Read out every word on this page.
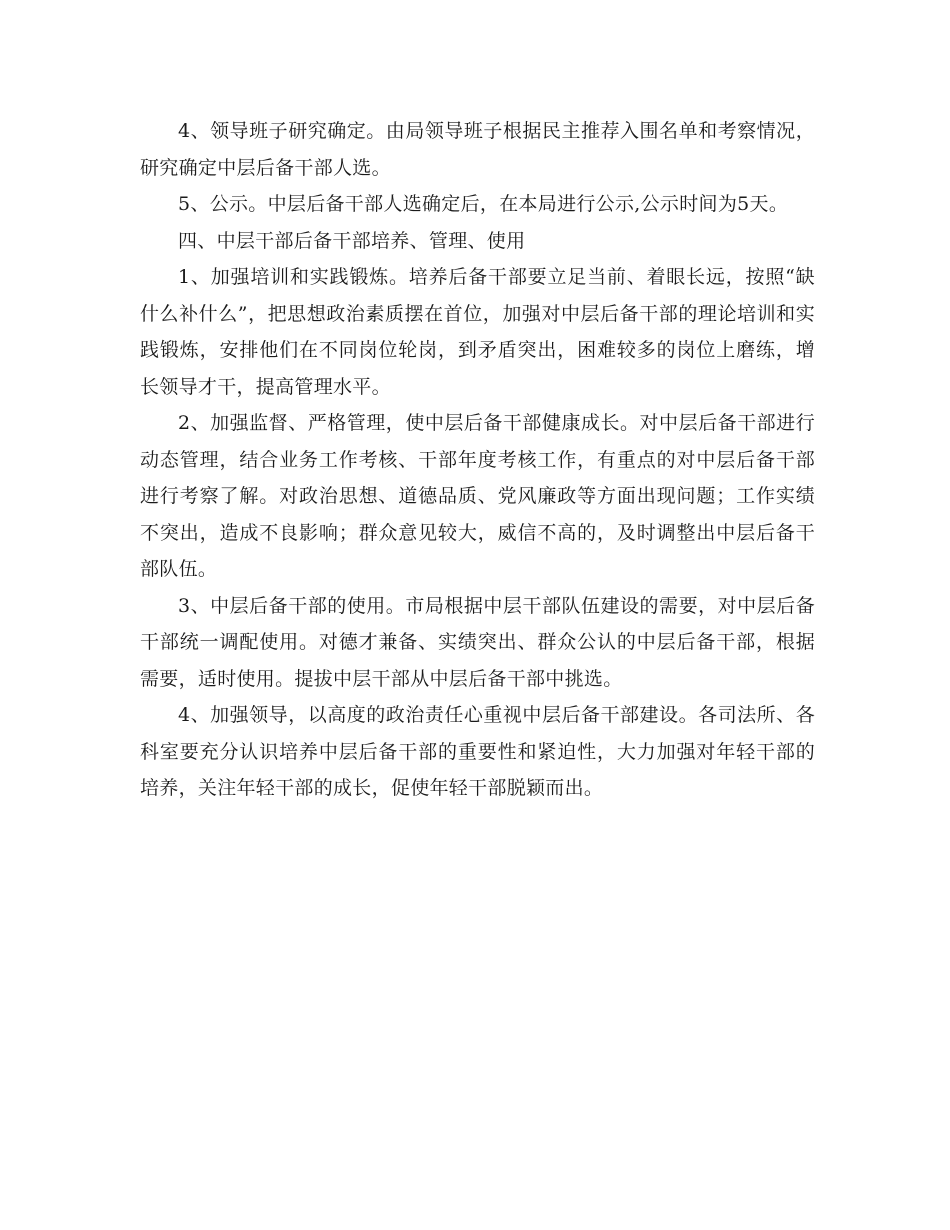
4、领导班子研究确定。由局领导班子根据民主推荐入围名单和考察情况，研究确定中层后备干部人选。

5、公示。中层后备干部人选确定后，在本局进行公示,公示时间为5天。

四、中层干部后备干部培养、管理、使用

1、加强培训和实践锻炼。培养后备干部要立足当前、着眼长远，按照“缺什么补什么”，把思想政治素质摆在首位，加强对中层后备干部的理论培训和实践锻炼，安排他们在不同岗位轮岗，到矛盾突出，困难较多的岗位上磨练，增长领导才干，提高管理水平。

2、加强监督、严格管理，使中层后备干部健康成长。对中层后备干部进行动态管理，结合业务工作考核、干部年度考核工作，有重点的对中层后备干部进行考察了解。对政治思想、道德品质、党风廉政等方面出现问题；工作实绩不突出，造成不良影响；群众意见较大，威信不高的，及时调整出中层后备干部队伍。

3、中层后备干部的使用。市局根据中层干部队伍建设的需要，对中层后备干部统一调配使用。对德才兼备、实绩突出、群众公认的中层后备干部，根据需要，适时使用。提拔中层干部从中层后备干部中挑选。

4、加强领导，以高度的政治责任心重视中层后备干部建设。各司法所、各科室要充分认识培养中层后备干部的重要性和紧迫性，大力加强对年轻干部的培养，关注年轻干部的成长，促使年轻干部脱颖而出。
